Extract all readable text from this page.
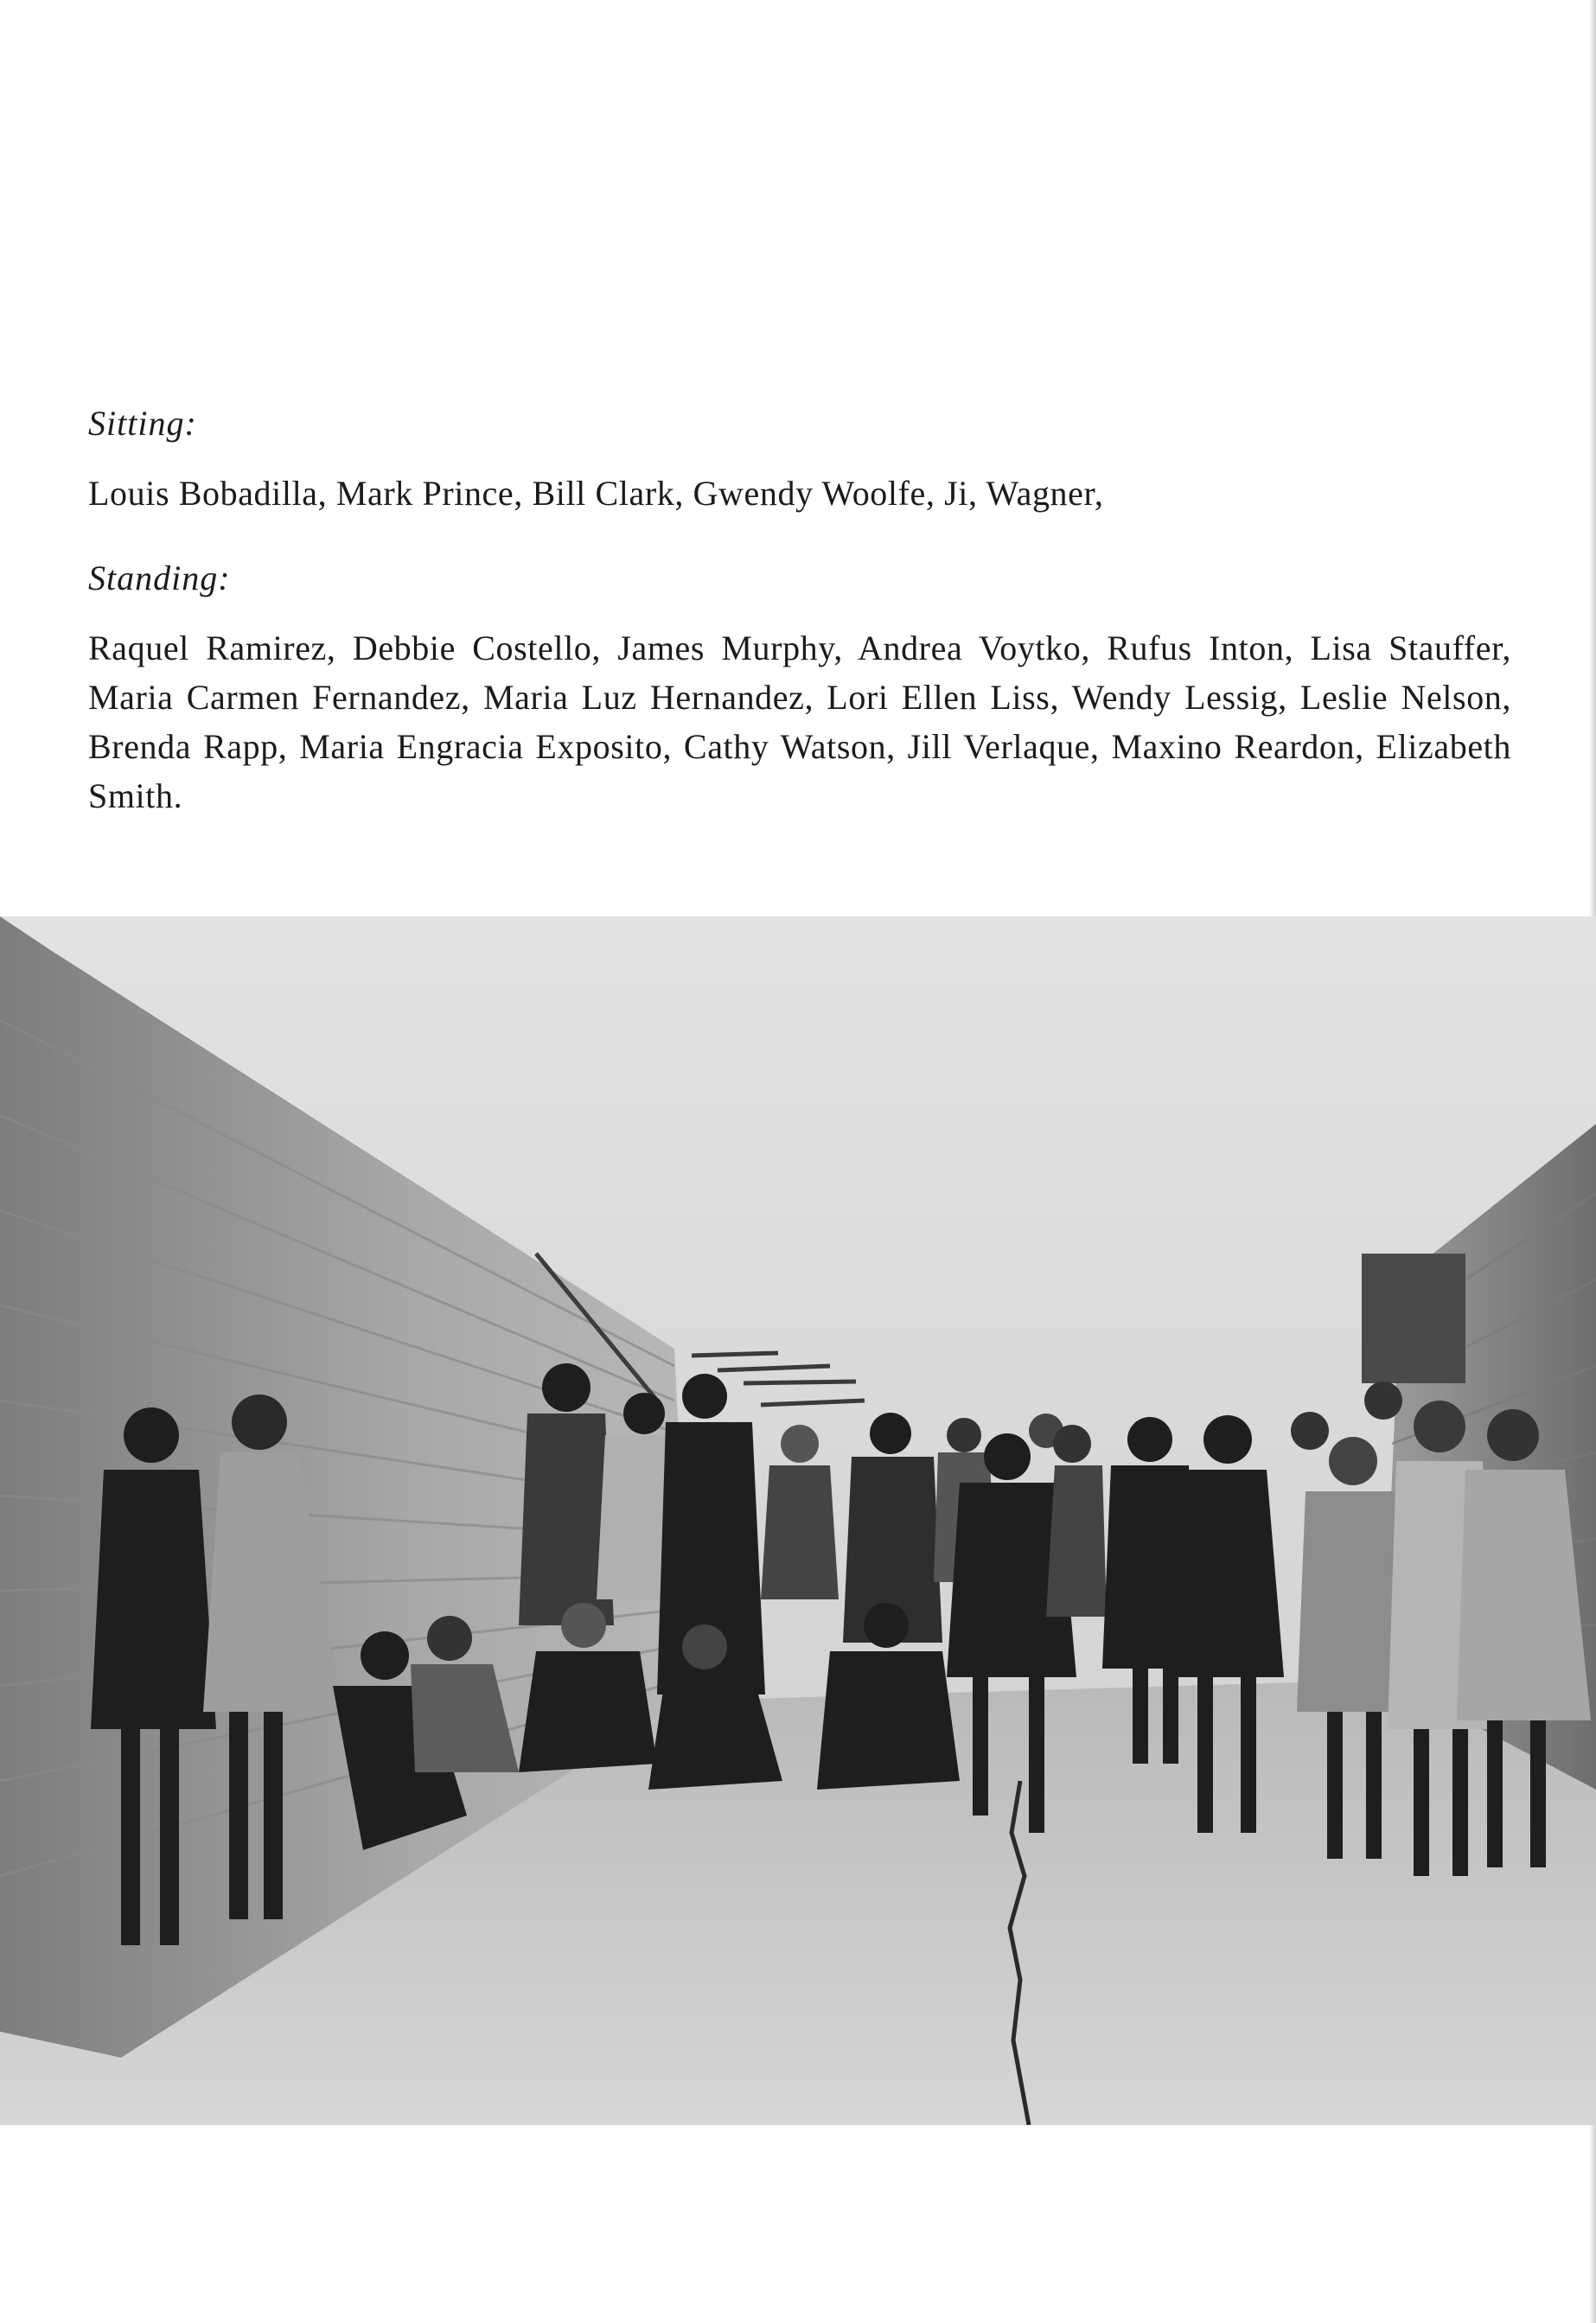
Sitting:

Louis Bobadilla, Mark Prince, Bill Clark, Gwendy Woolfe, Ji, Wagner,

Standing:

Raquel Ramirez, Debbie Costello, James Murphy, Andrea Voytko, Rufus Inton, Lisa Stauffer, Maria Carmen Fernandez, Maria Luz Hernandez, Lori Ellen Liss, Wendy Lessig, Leslie Nelson, Brenda Rapp, Maria Engracia Exposito, Cathy Watson, Jill Verlaque, Maxino Reardon, Elizabeth Smith.
